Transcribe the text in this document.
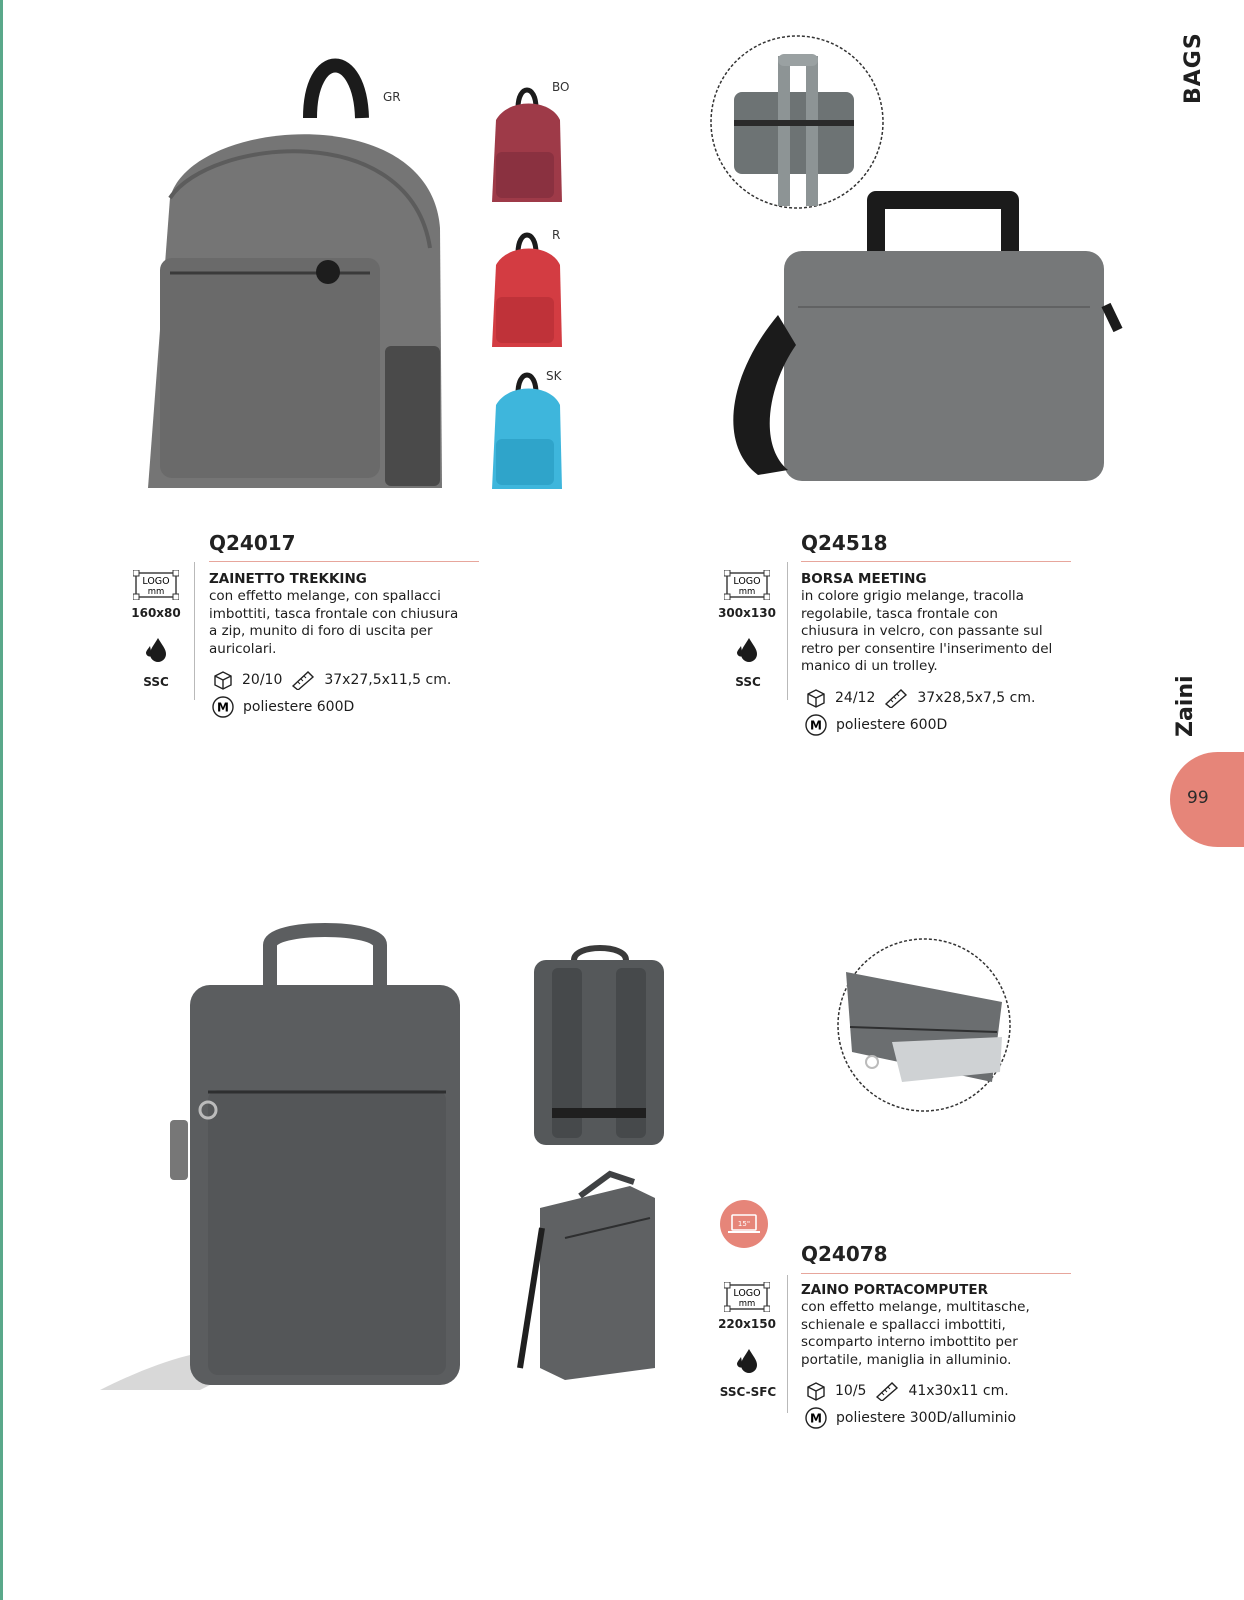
BAGS
Zaini
99
GR
BO
R
SK
Q24017
LOGO
mm
160x80
SSC
ZAINETTO TREKKING
con effetto melange, con spallacci
imbottiti, tasca frontale con chiusura
a zip, munito di foro di uscita per
auricolari.
20/10	37x27,5x11,5 cm.
M poliestere 600D
Q24518
LOGO
mm
300x130
SSC
BORSA MEETING
in colore grigio melange, tracolla
regolabile, tasca frontale con
chiusura in velcro, con passante sul
retro per consentire l'inserimento del
manico di un trolley.
24/12	37x28,5x7,5 cm.
M poliestere 600D
15"
Q24078
LOGO
mm
220x150
SSC-SFC
ZAINO PORTACOMPUTER
con effetto melange, multitasche,
schienale e spallacci imbottiti,
scomparto interno imbottito per
portatile, maniglia in alluminio.
10/5	41x30x11 cm.
M poliestere 300D/alluminio
